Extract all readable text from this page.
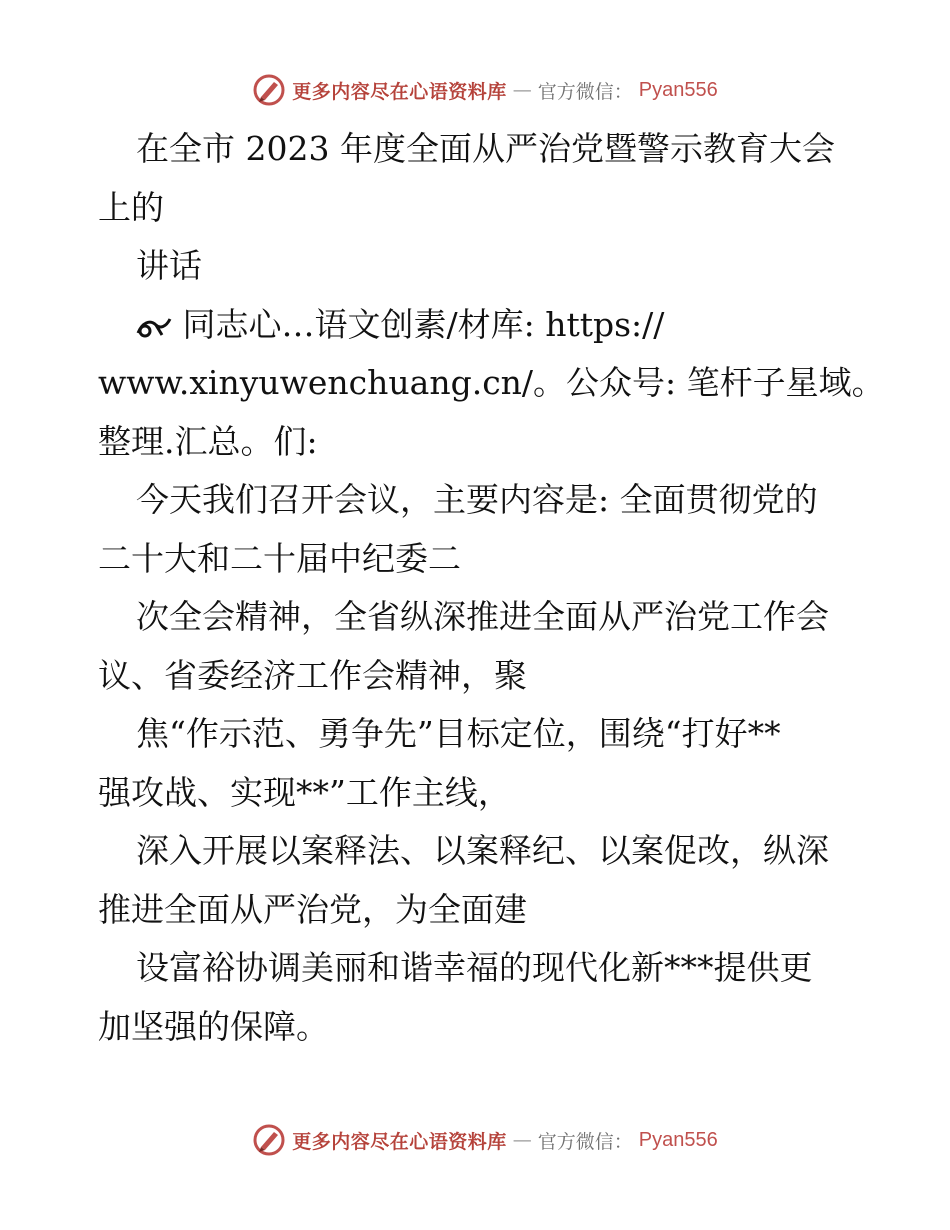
更多内容尽在心语资料库 — 官方微信： Pyan556
在全市 2023 年度全面从严治党暨警示教育大会
上的
讲话
同志心…语文创素/材库: https://
www.xinyuwenchuang.cn/。公众号: 笔杆子星域。
整理.汇总。们:
今天我们召开会议，主要内容是: 全面贯彻党的
二十大和二十届中纪委二
次全会精神，全省纵深推进全面从严治党工作会
议、省委经济工作会精神，聚
焦“作示范、勇争先”目标定位，围绕“打好**
强攻战、实现**”工作主线，
深入开展以案释法、以案释纪、以案促改，纵深
推进全面从严治党，为全面建
设富裕协调美丽和谐幸福的现代化新***提供更
加坚强的保障。
更多内容尽在心语资料库 — 官方微信： Pyan556
